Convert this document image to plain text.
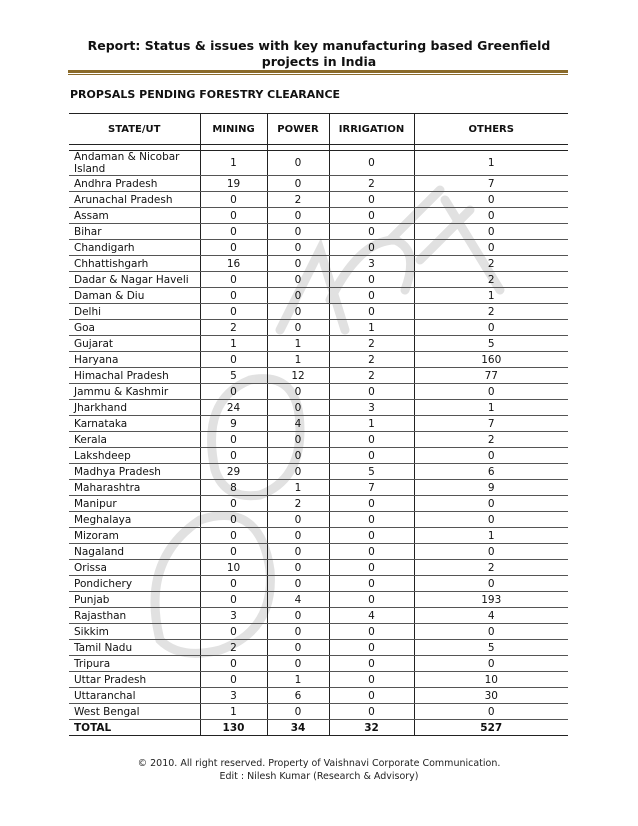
Report: Status & issues with key manufacturing based Greenfield projects in India
PROPSALS PENDING FORESTRY CLEARANCE
STATE/UT	MINING	POWER	IRRIGATION	OTHERS

Andaman & Nicobar Island	1	0	0	1
Andhra Pradesh	19	0	2	7
Arunachal Pradesh	0	2	0	0
Assam	0	0	0	0
Bihar	0	0	0	0
Chandigarh	0	0	0	0
Chhattishgarh	16	0	3	2
Dadar & Nagar Haveli	0	0	0	2
Daman & Diu	0	0	0	1
Delhi	0	0	0	2
Goa	2	0	1	0
Gujarat	1	1	2	5
Haryana	0	1	2	160
Himachal Pradesh	5	12	2	77
Jammu & Kashmir	0	0	0	0
Jharkhand	24	0	3	1
Karnataka	9	4	1	7
Kerala	0	0	0	2
Lakshdeep	0	0	0	0
Madhya Pradesh	29	0	5	6
Maharashtra	8	1	7	9
Manipur	0	2	0	0
Meghalaya	0	0	0	0
Mizoram	0	0	0	1
Nagaland	0	0	0	0
Orissa	10	0	0	2
Pondichery	0	0	0	0
Punjab	0	4	0	193
Rajasthan	3	0	4	4
Sikkim	0	0	0	0
Tamil Nadu	2	0	0	5
Tripura	0	0	0	0
Uttar Pradesh	0	1	0	10
Uttaranchal	3	6	0	30
West Bengal	1	0	0	0
TOTAL	130	34	32	527
© 2010. All right reserved. Property of Vaishnavi Corporate Communication.
Edit : Nilesh Kumar (Research & Advisory)
